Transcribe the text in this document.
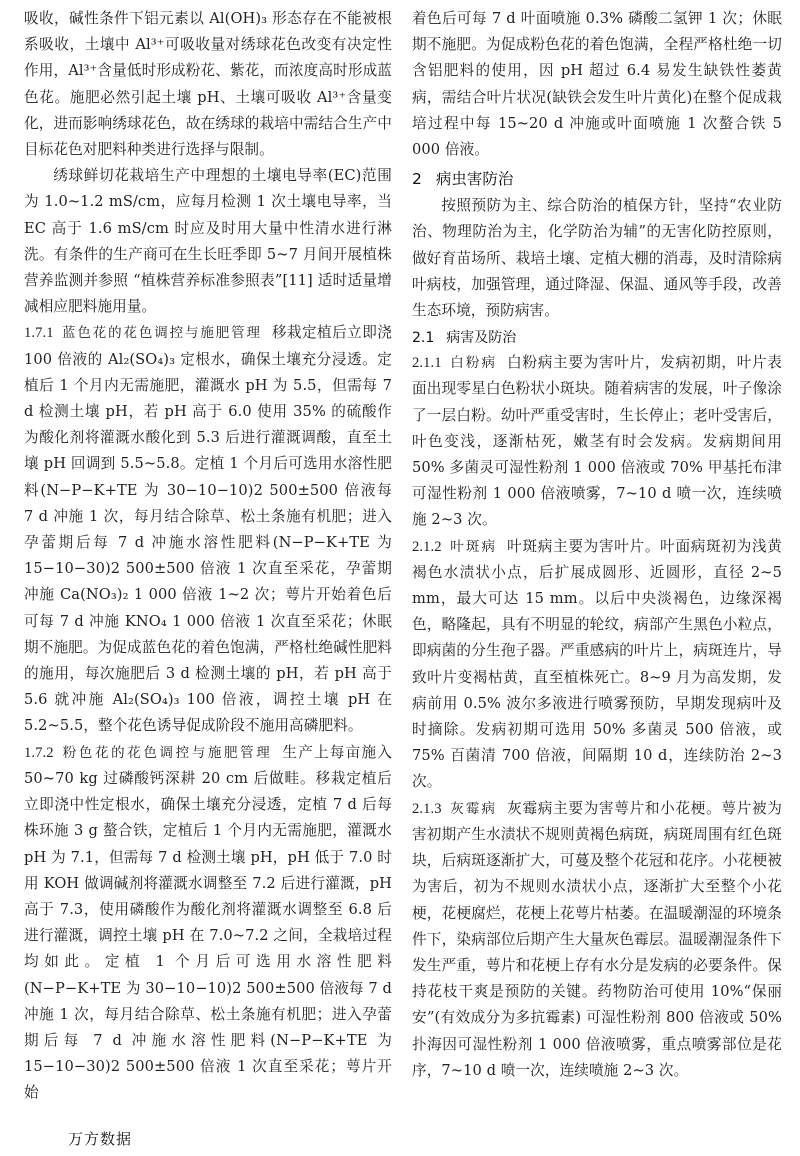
吸收，碱性条件下铝元素以 Al(OH)₃ 形态存在不能被根系吸收，土壤中 Al³⁺可吸收量对绣球花色改变有决定性作用，Al³⁺含量低时形成粉花、紫花，而浓度高时形成蓝色花。施肥必然引起土壤 pH、土壤可吸收 Al³⁺含量变化，进而影响绣球花色，故在绣球的栽培中需结合生产中目标花色对肥料种类进行选择与限制。

绣球鲜切花栽培生产中理想的土壤电导率(EC)范围为 1.0~1.2 mS/cm，应每月检测 1 次土壤电导率，当 EC 高于 1.6 mS/cm 时应及时用大量中性清水进行淋洗。有条件的生产商可在生长旺季即 5~7 月间开展植株营养监测并参照 “植株营养标准参照表”[11] 适时适量增减相应肥料施用量。

1.7.1 蓝色花的花色调控与施肥管理 移栽定植后立即浇 100 倍液的 Al₂(SO₄)₃ 定根水，确保土壤充分浸透。定植后 1 个月内无需施肥，灌溉水 pH 为 5.5，但需每 7 d 检测土壤 pH，若 pH 高于 6.0 使用 35% 的硫酸作为酸化剂将灌溉水酸化到 5.3 后进行灌溉调酸，直至土壤 pH 回调到 5.5~5.8。定植 1 个月后可选用水溶性肥料(N−P−K+TE 为 30−10−10)2 500±500 倍液每 7 d 冲施 1 次，每月结合除草、松土条施有机肥；进入孕蕾期后每 7 d 冲施水溶性肥料(N−P−K+TE 为 15−10−30)2 500±500 倍液 1 次直至采花，孕蕾期冲施 Ca(NO₃)₂ 1 000 倍液 1~2 次；萼片开始着色后可每 7 d 冲施 KNO₄ 1 000 倍液 1 次直至采花；休眠期不施肥。为促成蓝色花的着色饱满，严格杜绝碱性肥料的施用，每次施肥后 3 d 检测土壤的 pH，若 pH 高于 5.6 就冲施 Al₂(SO₄)₃ 100 倍液，调控土壤 pH 在 5.2~5.5，整个花色诱导促成阶段不施用高磷肥料。

1.7.2 粉色花的花色调控与施肥管理 生产上每亩施入 50~70 kg 过磷酸钙深耕 20 cm 后做畦。移栽定植后立即浇中性定根水，确保土壤充分浸透，定植 7 d 后每株环施 3 g 螯合铁，定植后 1 个月内无需施肥，灌溉水 pH 为 7.1，但需每 7 d 检测土壤 pH，pH 低于 7.0 时用 KOH 做调碱剂将灌溉水调整至 7.2 后进行灌溉，pH 高于 7.3，使用磷酸作为酸化剂将灌溉水调整至 6.8 后进行灌溉，调控土壤 pH 在 7.0~7.2 之间，全栽培过程均如此。定植 1 个月后可选用水溶性肥料 (N−P−K+TE 为 30−10−10)2 500±500 倍液每 7 d 冲施 1 次，每月结合除草、松土条施有机肥；进入孕蕾期后每 7 d 冲施水溶性肥料(N−P−K+TE 为 15−10−30)2 500±500 倍液 1 次直至采花；萼片开始

着色后可每 7 d 叶面喷施 0.3% 磷酸二氢钾 1 次；休眠期不施肥。为促成粉色花的着色饱满，全程严格杜绝一切含铝肥料的使用，因 pH 超过 6.4 易发生缺铁性萎黄病，需结合叶片状况(缺铁会发生叶片黄化)在整个促成栽培过程中每 15~20 d 冲施或叶面喷施 1 次螯合铁 5 000 倍液。

2 病虫害防治

按照预防为主、综合防治的植保方针，坚持“农业防治、物理防治为主，化学防治为辅”的无害化防控原则，做好育苗场所、栽培土壤、定植大棚的消毒，及时清除病叶病枝，加强管理，通过降湿、保温、通风等手段，改善生态环境，预防病害。

2.1 病害及防治

2.1.1 白粉病 白粉病主要为害叶片，发病初期，叶片表面出现零星白色粉状小斑块。随着病害的发展，叶子像涂了一层白粉。幼叶严重受害时，生长停止；老叶受害后，叶色变浅，逐渐枯死，嫩茎有时会发病。发病期间用 50% 多菌灵可湿性粉剂 1 000 倍液或 70% 甲基托布津可湿性粉剂 1 000 倍液喷雾，7~10 d 喷一次，连续喷施 2~3 次。

2.1.2 叶斑病 叶斑病主要为害叶片。叶面病斑初为浅黄褐色水渍状小点，后扩展成圆形、近圆形，直径 2~5 mm，最大可达 15 mm。以后中央淡褐色，边缘深褐色，略隆起，具有不明显的轮纹，病部产生黑色小粒点，即病菌的分生孢子器。严重感病的叶片上，病斑连片，导致叶片变褐枯黄，直至植株死亡。8~9 月为高发期，发病前用 0.5% 波尔多液进行喷雾预防，早期发现病叶及时摘除。发病初期可选用 50% 多菌灵 500 倍液，或 75% 百菌清 700 倍液，间隔期 10 d，连续防治 2~3 次。

2.1.3 灰霉病 灰霉病主要为害萼片和小花梗。萼片被为害初期产生水渍状不规则黄褐色病斑，病斑周围有红色斑块，后病斑逐渐扩大，可蔓及整个花冠和花序。小花梗被为害后，初为不规则水渍状小点，逐渐扩大至整个小花梗，花梗腐烂，花梗上花萼片枯萎。在温暖潮湿的环境条件下，染病部位后期产生大量灰色霉层。温暖潮湿条件下发生严重，萼片和花梗上存有水分是发病的必要条件。保持花枝干爽是预防的关键。药物防治可使用 10%“保丽安”(有效成分为多抗霉素) 可湿性粉剂 800 倍液或 50% 扑海因可湿性粉剂 1 000 倍液喷雾，重点喷雾部位是花序，7~10 d 喷一次，连续喷施 2~3 次。

万方数据
